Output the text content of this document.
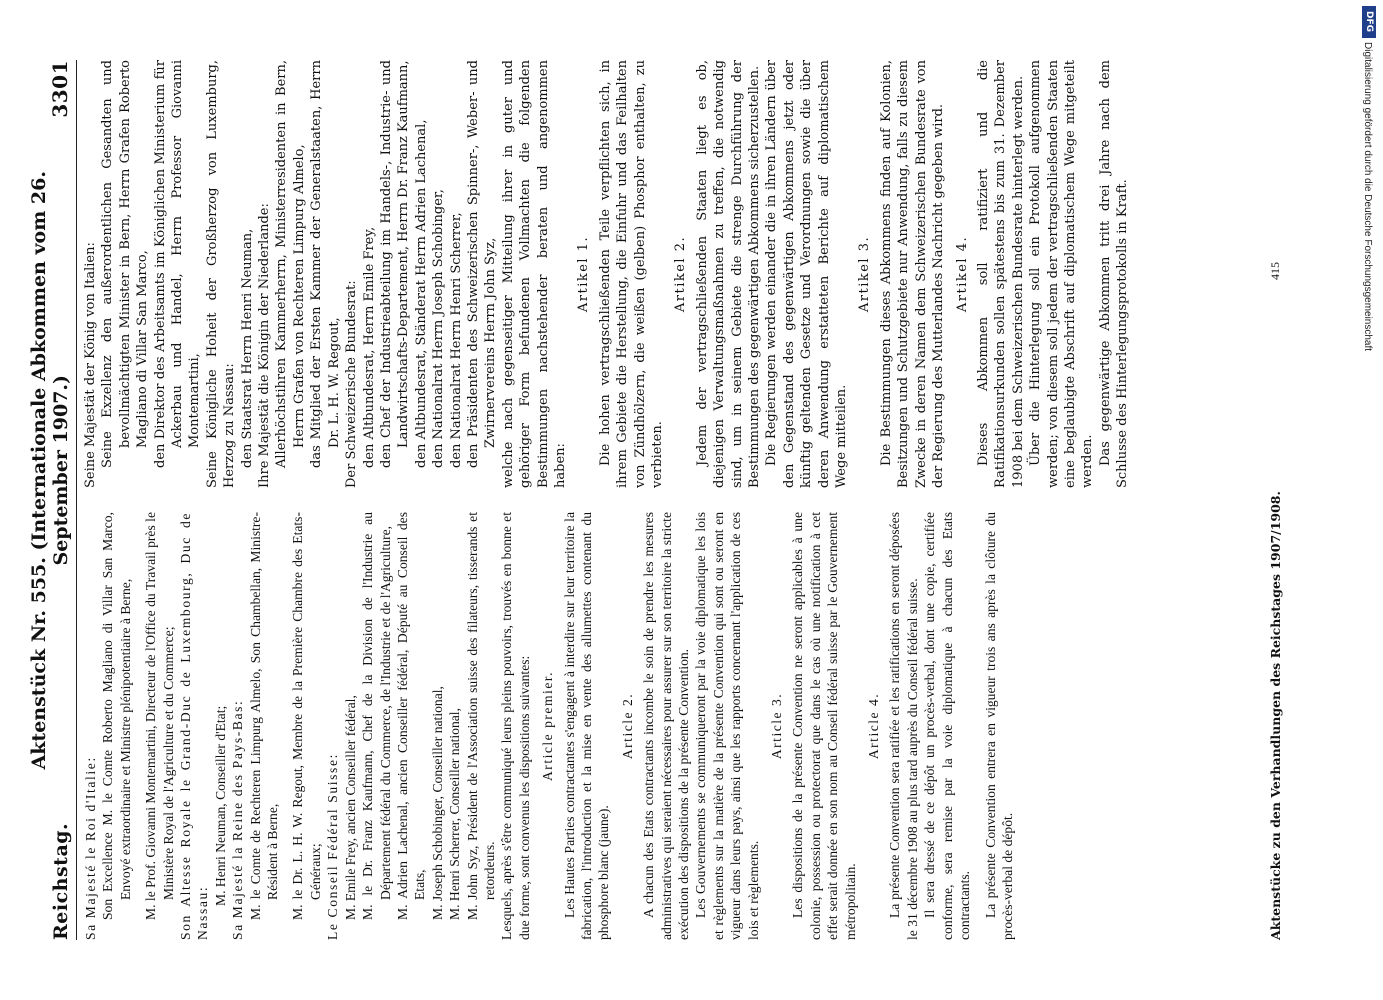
Reichstag.
Aktenstück Nr. 555. (Internationale Abkommen vom 26. September 1907.)
3301
Sa Majesté le Roi d'Italie: Son Excellence M. le Comte Roberto Magliano di Villar San Marco, Envoyé extraordinaire et Ministre plénipotentiaire à Berne, M. le Prof. Giovanni Montemartini, Directeur de l'Office du Travail près le Ministère Royal de l'Agriculture et du Commerce; Son Altesse Royale le Grand-Duc de Luxembourg, Duc de Nassau:
M. Henri Neuman, Conseiller d'Etat; Sa Majesté la Reine des Pays-Bas: M. le Comte de Rechteren Limpurg Almelo, Son Chambellan, Ministre-Résident à Berne, M. le Dr. L. H. W. Regout, Membre de la Première Chambre des Etats-Généraux; Le Conseil Fédéral Suisse: M. Emile Frey, ancien Conseiller fédéral, M. le Dr. Franz Kaufmann, Chef de la Division de l'Industrie au Département fédéral du Commerce, de l'Industrie et de l'Agriculture, M. Adrien Lachenal, ancien Conseiller fédéral, Député au Conseil des Etats, M. Joseph Schobinger, Conseiller national, M. Henri Scherrer, Conseiller national, M. John Syz, Président de l'Association suisse des filateurs, tisserands et retordeurs. Lesquels, après s'être communiqué leurs pleins pouvoirs, trouvés en bonne et due forme, sont convenus les dispositions suivantes: Article premier. Les Hautes Parties contractantes s'engagent à interdire sur leur territoire la fabrication, l'introduction et la mise en vente des allumettes contenant du phosphore blanc (jaune).
Article 2. A chacun des Etats contractants incombe le soin de prendre les mesures administratives qui seraient nécessaires pour assurer sur son territoire la stricte exécution des dispositions de la présente Convention. Les Gouvernements se communiqueront par la voie diplomatique les lois et règlements sur la matière de la présente Convention qui sont ou seront en vigueur dans leurs pays, ainsi que les rapports concernant l'application de ces lois et règlements.
Article 3. Les dispositions de la présente Convention ne seront applicables à une colonie, possession ou protectorat que dans le cas où une notification à cet effet serait donnée en son nom au Conseil fédéral suisse par le Gouvernement métropolitain.
Article 4. La présente Convention sera ratifiée et les ratifications en seront déposées le 31 décembre 1908 au plus tard auprès du Conseil fédéral suisse. Il sera dressé de ce dépôt un procès-verbal, dont une copie, certifiée conforme, sera remise par la voie diplomatique à chacun des Etats contractants. La présente Convention entrera en vigueur trois ans après la clôture du procès-verbal de dépôt.
Seine Majestät der König von Italien: Seine Exzellenz den außerordentlichen Gesandten und bevollmächtigten Minister in Bern, Herrn Grafen Roberto Magliano di Villar San Marco, den Direktor des Arbeitsamts im Königlichen Ministerium für Ackerbau und Handel, Herrn Professor Giovanni Montemartini, Seine Königliche Hoheit der Großherzog von Luxemburg, Herzog zu Nassau: den Staatsrat Herrn Henri Neuman, Ihre Majestät die Königin der Niederlande: Allerhöchstihren Kammerherrn, Ministerresidenten in Bern, Herrn Grafen von Rechteren Limpurg Almelo, das Mitglied der Ersten Kammer der Generalstaaten, Herrn Dr. L. H. W. Regout, Der Schweizerische Bundesrat: den Altbundesrat, Herrn Emile Frey, den Chef der Industrieabteilung im Handels-, Industrie- und Landwirtschafts-Departement, Herrn Dr. Franz Kaufmann, den Altbundesrat, Ständerat Herrn Adrien Lachenal, den Nationalrat Herrn Joseph Schobinger, den Nationalrat Herrn Henri Scherrer, den Präsidenten des Schweizerischen Spinner-, Weber- und Zwirnervereins Herrn John Syz, welche nach gegenseitiger Mitteilung ihrer in guter und gehöriger Form befundenen Vollmachten die folgenden Bestimmungen nachstehender beraten und angenommen haben:
Artikel 1. Die hohen vertragschließenden Teile verpflichten sich, in ihrem Gebiete die Herstellung, die Einfuhr und das Feilhalten von Zündhölzern, die weißen (gelben) Phosphor enthalten, zu verbieten.
Artikel 2. Jedem der vertragschließenden Staaten liegt es ob, diejenigen Verwaltungsmaßnahmen zu treffen, die notwendig sind, um in seinem Gebiete die strenge Durchführung der Bestimmungen des gegenwärtigen Abkommens sicherzustellen. Die Regierungen werden einander die in ihren Ländern über den Gegenstand des gegenwärtigen Abkommens jetzt oder künftig geltenden Gesetze und Verordnungen sowie die über deren Anwendung erstatteten Berichte auf diplomatischem Wege mitteilen.
Artikel 3. Die Bestimmungen dieses Abkommens finden auf Kolonien, Besitzungen und Schutzgebiete nur Anwendung, falls zu diesem Zwecke in deren Namen dem Schweizerischen Bundesrate von der Regierung des Mutterlandes Nachricht gegeben wird. Artikel 4. Dieses Abkommen soll ratifiziert und die Ratifikationsurkunden sollen spätestens bis zum 31. Dezember 1908 bei dem Schweizerischen Bundesrate hinterlegt werden. Über die Hinterlegung soll ein Protokoll aufgenommen werden; von diesem soll jedem der vertragschließenden Staaten eine beglaubigte Abschrift auf diplomatischem Wege mitgeteilt werden. Das gegenwärtige Abkommen tritt drei Jahre nach dem Schlusse des Hinterlegungsprotokolls in Kraft.
Aktenstücke zu den Verhandlungen des Reichstages 1907/1908.
415
DFG
Digitalisierung gefördert durch die Deutsche Forschungsgemeinschaft
